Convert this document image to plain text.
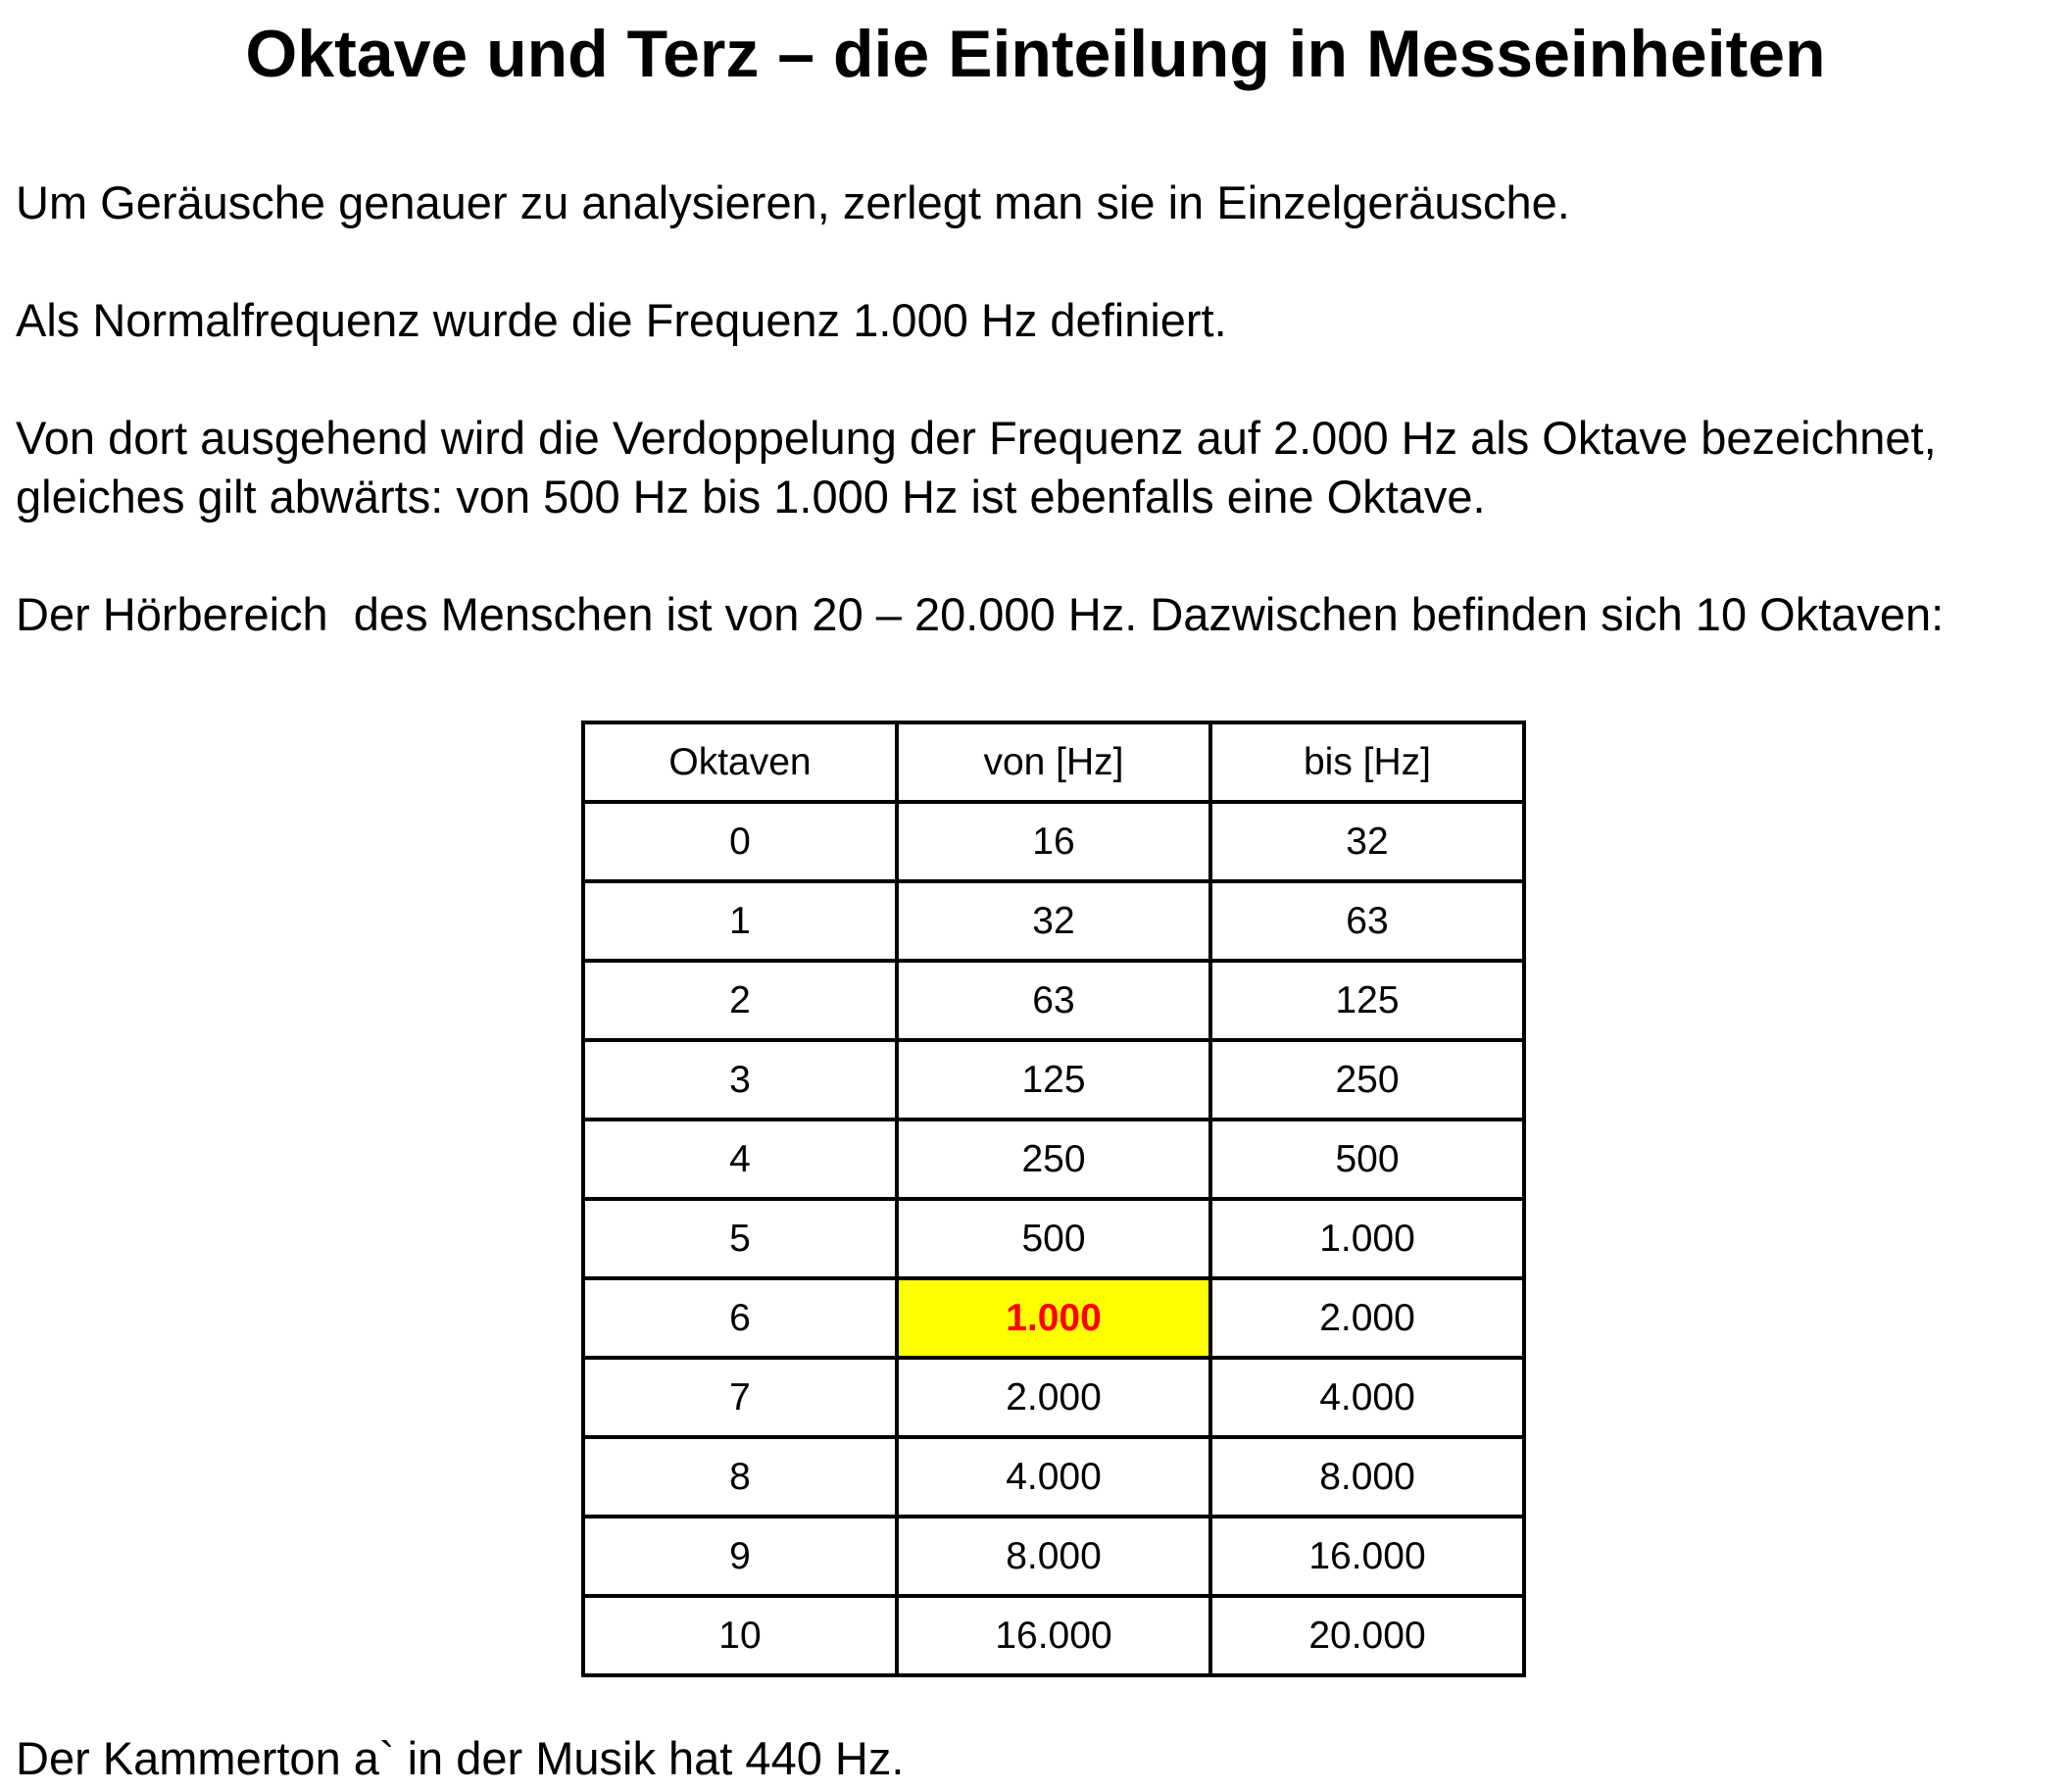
Oktave und Terz – die Einteilung in Messeinheiten

Um Geräusche genauer zu analysieren, zerlegt man sie in Einzelgeräusche.

Als Normalfrequenz wurde die Frequenz 1.000 Hz definiert.

Von dort ausgehend wird die Verdoppelung der Frequenz auf 2.000 Hz als Oktave bezeichnet,
gleiches gilt abwärts: von 500 Hz bis 1.000 Hz ist ebenfalls eine Oktave.

Der Hörbereich  des Menschen ist von 20 – 20.000 Hz. Dazwischen befinden sich 10 Oktaven:

Oktaven	von [Hz]	bis [Hz]
0	16	32
1	32	63
2	63	125
3	125	250
4	250	500
5	500	1.000
6	1.000	2.000
7	2.000	4.000
8	4.000	8.000
9	8.000	16.000
10	16.000	20.000

Der Kammerton a` in der Musik hat 440 Hz.
